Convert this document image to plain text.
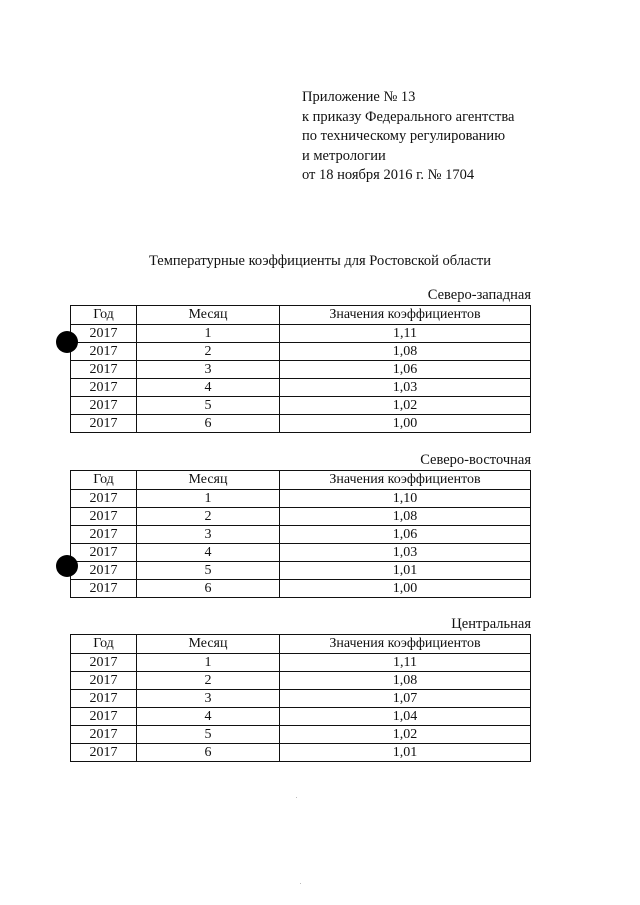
Приложение № 13
к приказу Федерального агентства
по техническому регулированию
и метрологии
от 18 ноября 2016 г. № 1704
Температурные коэффициенты для Ростовской области
Северо-западная
Год	Месяц	Значения коэффициентов
2017	1	1,11
2017	2	1,08
2017	3	1,06
2017	4	1,03
2017	5	1,02
2017	6	1,00
Северо-восточная
Год	Месяц	Значения коэффициентов
2017	1	1,10
2017	2	1,08
2017	3	1,06
2017	4	1,03
2017	5	1,01
2017	6	1,00
Центральная
Год	Месяц	Значения коэффициентов
2017	1	1,11
2017	2	1,08
2017	3	1,07
2017	4	1,04
2017	5	1,02
2017	6	1,01
